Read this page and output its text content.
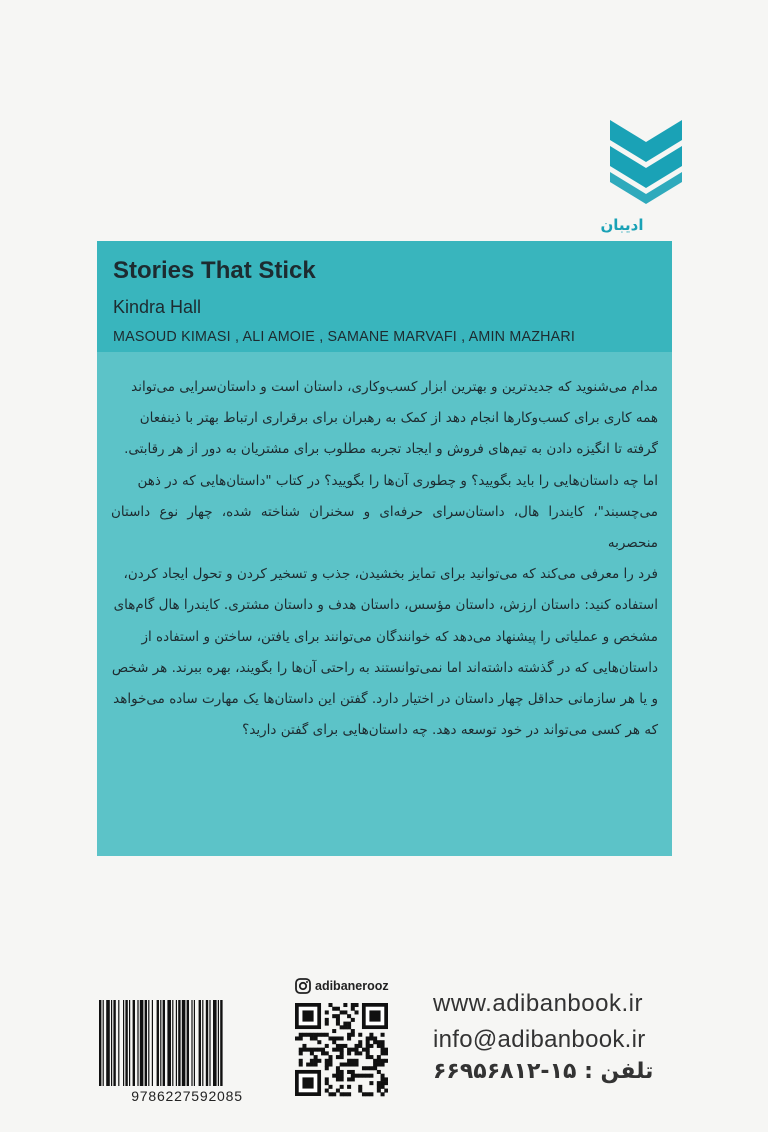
ادیبان
Stories That Stick
Kindra Hall
MASOUD KIMASI , ALI AMOIE , SAMANE MARVAFI , AMIN MAZHARI

مدام می‌شنوید که جدیدترین و بهترین ابزار کسب‌وکاری، داستان است و داستان‌سرایی می‌تواند

همه کاری برای کسب‌وکارها انجام دهد از کمک به رهبران برای برقراری ارتباط بهتر با ذینفعان

گرفته تا انگیزه دادن به تیم‌های فروش و ایجاد تجربه مطلوب برای مشتریان به دور از هر رقابتی.

اما چه داستان‌هایی را باید بگویید؟ و چطوری آن‌ها را بگویید؟ در کتاب "داستان‌هایی که در ذهن

می‌چسبند"، کایندرا هال، داستان‌سرای حرفه‌ای و سخنران شناخته شده، چهار نوع داستان منحصربه

فرد را معرفی می‌کند که می‌توانید برای تمایز بخشیدن، جذب و تسخیر کردن و تحول ایجاد کردن،

استفاده کنید: داستان ارزش، داستان مؤسس، داستان هدف و داستان مشتری. کایندرا هال گام‌های

مشخص و عملیاتی را پیشنهاد می‌دهد که خوانندگان می‌توانند برای یافتن، ساختن و استفاده از

داستان‌هایی که در گذشته داشته‌اند اما نمی‌توانستند به راحتی آن‌ها را بگویند، بهره ببرند. هر شخص

و یا هر سازمانی حداقل چهار داستان در اختیار دارد. گفتن این داستان‌ها یک مهارت ساده می‌خواهد

که هر کسی می‌تواند در خود توسعه دهد. چه داستان‌هایی برای گفتن دارید؟

9786227592085
adibanerooz
www.adibanbook.ir
info@adibanbook.ir
تلفن : ۱۵-۶۶۹۵۶۸۱۲
